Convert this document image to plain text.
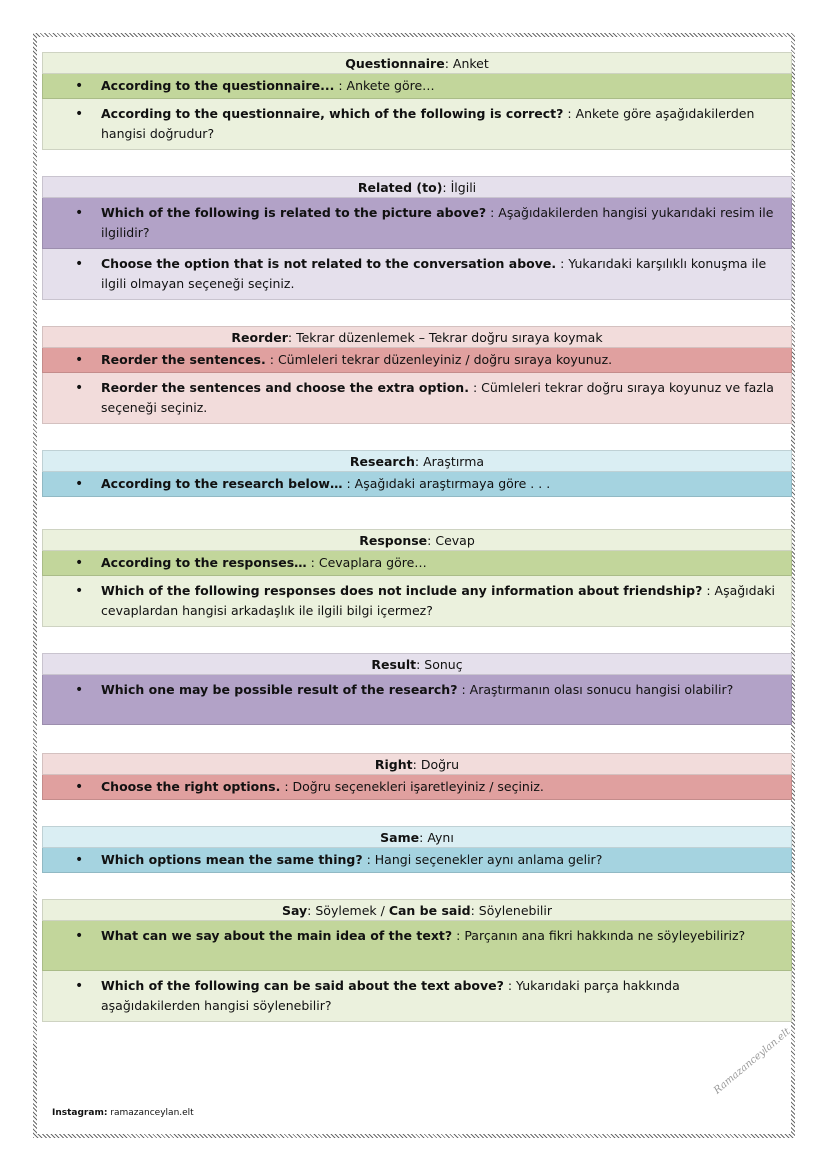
Questionnaire: Anket
• According to the questionnaire... : Ankete göre…
• According to the questionnaire, which of the following is correct? : Ankete göre aşağıdakilerden hangisi doğrudur?
Related (to): İlgili
• Which of the following is related to the picture above? : Aşağıdakilerden hangisi yukarıdaki resim ile ilgilidir?
• Choose the option that is not related to the conversation above. : Yukarıdaki karşılıklı konuşma ile ilgili olmayan seçeneği seçiniz.
Reorder: Tekrar düzenlemek – Tekrar doğru sıraya koymak
• Reorder the sentences. : Cümleleri tekrar düzenleyiniz / doğru sıraya koyunuz.
• Reorder the sentences and choose the extra option. : Cümleleri tekrar doğru sıraya koyunuz ve fazla seçeneği seçiniz.
Research: Araştırma
• According to the research below… : Aşağıdaki araştırmaya göre . . .
Response: Cevap
• According to the responses… : Cevaplara göre…
• Which of the following responses does not include any information about friendship? : Aşağıdaki cevaplardan hangisi arkadaşlık ile ilgili bilgi içermez?
Result: Sonuç
• Which one may be possible result of the research? : Araştırmanın olası sonucu hangisi olabilir?
Right: Doğru
• Choose the right options. : Doğru seçenekleri işaretleyiniz / seçiniz.
Same: Aynı
• Which options mean the same thing? : Hangi seçenekler aynı anlama gelir?
Say: Söylemek / Can be said: Söylenebilir
• What can we say about the main idea of the text? : Parçanın ana fikri hakkında ne söyleyebiliriz?
• Which of the following can be said about the text above? : Yukarıdaki parça hakkında aşağıdakilerden hangisi söylenebilir?
Instagram: ramazanceylan.elt
Ramazanceylan.elt
